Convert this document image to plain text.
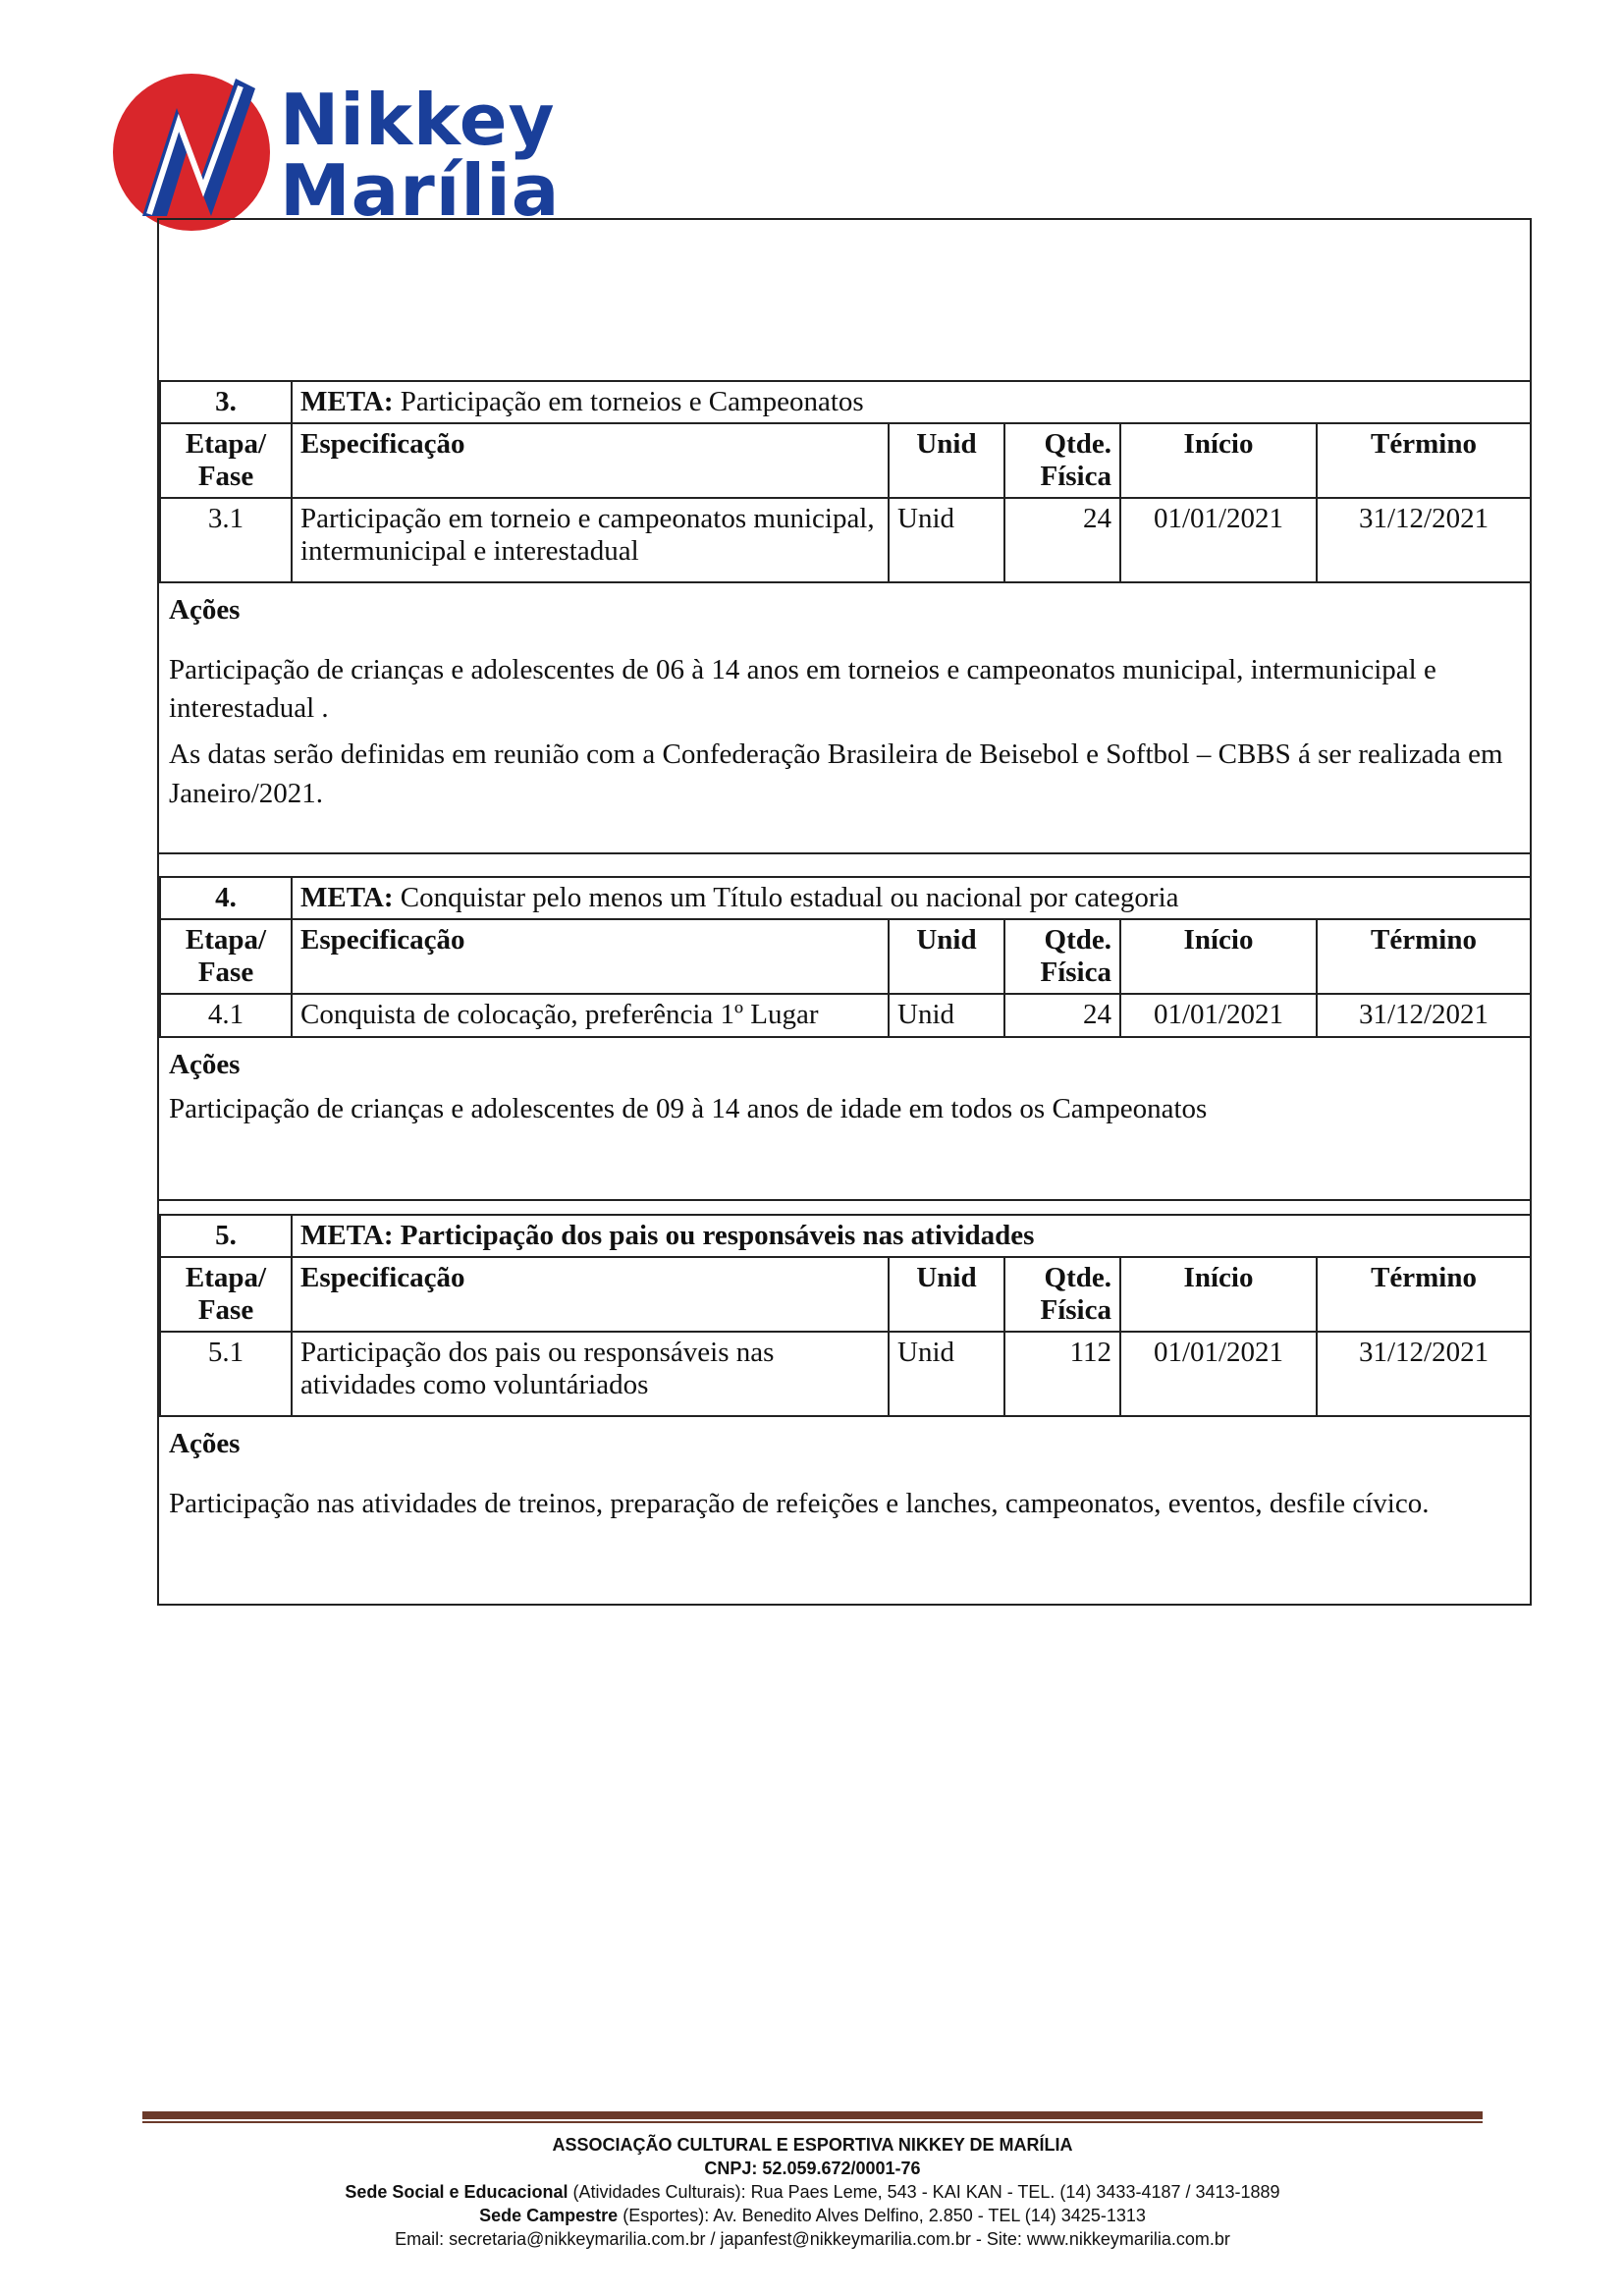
Nikkey
Marília
3.	META: Participação em torneios e Campeonatos				
Etapa/ Fase	Especificação	Unid	Qtde. Física	Início	Término
3.1	Participação em torneio e campeonatos municipal, intermunicipal e interestadual	Unid	24	01/01/2021	31/12/2021
Ações

Participação de crianças e adolescentes de 06 à 14 anos em torneios e campeonatos municipal, intermunicipal e interestadual .

As datas serão definidas em reunião com a Confederação Brasileira de Beisebol e Softbol – CBBS á ser realizada em Janeiro/2021.

4.	META: Conquistar pelo menos um Título estadual ou nacional por categoria				
Etapa/ Fase	Especificação	Unid	Qtde. Física	Início	Término
4.1	Conquista de colocação, preferência 1º Lugar	Unid	24	01/01/2021	31/12/2021
Ações

Participação de crianças e adolescentes de 09 à 14 anos de idade em todos os Campeonatos

5.	META: Participação dos pais ou responsáveis nas atividades				
Etapa/ Fase	Especificação	Unid	Qtde. Física	Início	Término
5.1	Participação dos pais ou responsáveis nas atividades como voluntáriados	Unid	112	01/01/2021	31/12/2021
Ações

Participação nas atividades de treinos, preparação de refeições e lanches, campeonatos, eventos, desfile cívico.

ASSOCIAÇÃO CULTURAL E ESPORTIVA NIKKEY DE MARÍLIA
CNPJ: 52.059.672/0001-76
Sede Social e Educacional (Atividades Culturais): Rua Paes Leme, 543 - KAI KAN - TEL. (14) 3433-4187 / 3413-1889
Sede Campestre (Esportes): Av. Benedito Alves Delfino, 2.850 - TEL (14) 3425-1313
Email: secretaria@nikkeymarilia.com.br / japanfest@nikkeymarilia.com.br - Site: www.nikkeymarilia.com.br
